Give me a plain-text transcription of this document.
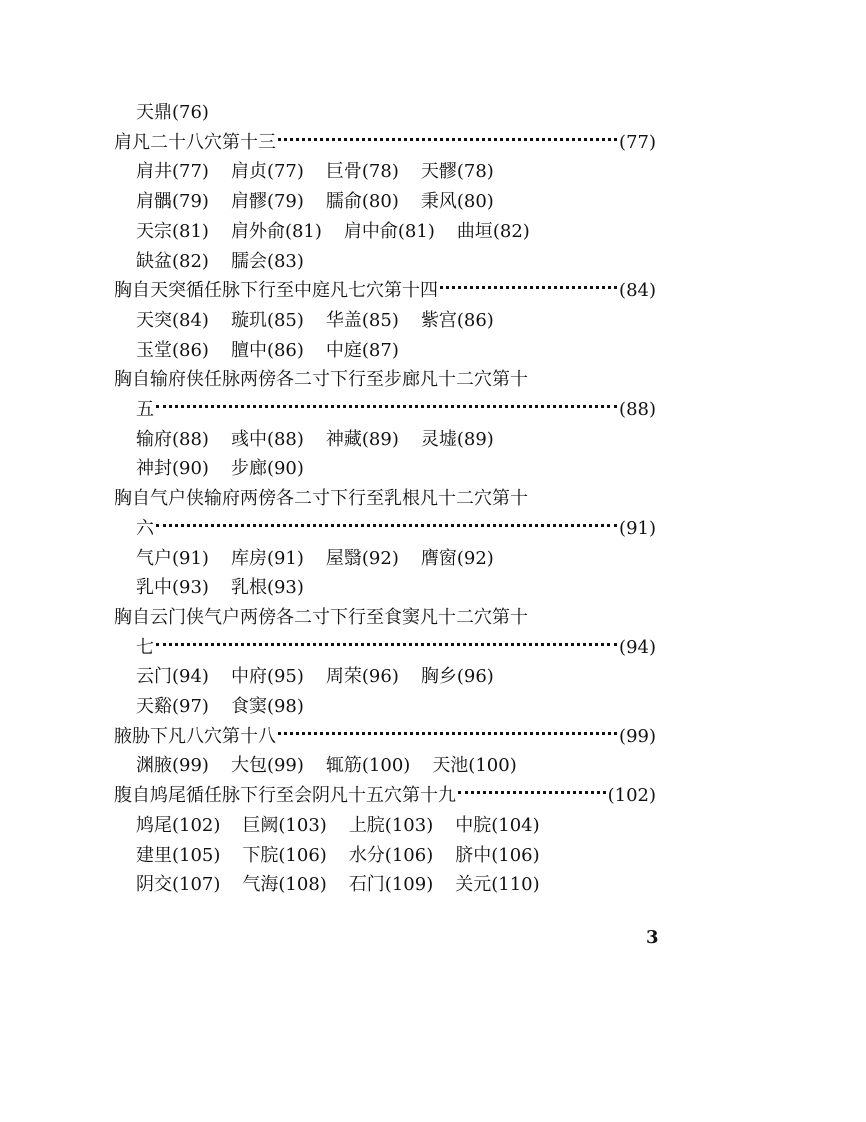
天鼎(76)
肩凡二十八穴第十三	(77)
肩井(77) 肩贞(77) 巨骨(78) 天髎(78)
肩髃(79) 肩髎(79) 臑俞(80) 秉风(80)
天宗(81) 肩外俞(81) 肩中俞(81) 曲垣(82)
缺盆(82) 臑会(83)
胸自天突循任脉下行至中庭凡七穴第十四	(84)
天突(84) 璇玑(85) 华盖(85) 紫宫(86)
玉堂(86) 膻中(86) 中庭(87)
胸自输府侠任脉两傍各二寸下行至步廊凡十二穴第十
五	(88)
输府(88) 彧中(88) 神藏(89) 灵墟(89)
神封(90) 步廊(90)
胸自气户侠输府两傍各二寸下行至乳根凡十二穴第十
六	(91)
气户(91) 库房(91) 屋翳(92) 膺窗(92)
乳中(93) 乳根(93)
胸自云门侠气户两傍各二寸下行至食窦凡十二穴第十
七	(94)
云门(94) 中府(95) 周荣(96) 胸乡(96)
天谿(97) 食窦(98)
腋胁下凡八穴第十八	(99)
渊腋(99) 大包(99) 辄筋(100) 天池(100)
腹自鸠尾循任脉下行至会阴凡十五穴第十九	(102)
鸠尾(102) 巨阙(103) 上脘(103) 中脘(104)
建里(105) 下脘(106) 水分(106) 脐中(106)
阴交(107) 气海(108) 石门(109) 关元(110)
3
